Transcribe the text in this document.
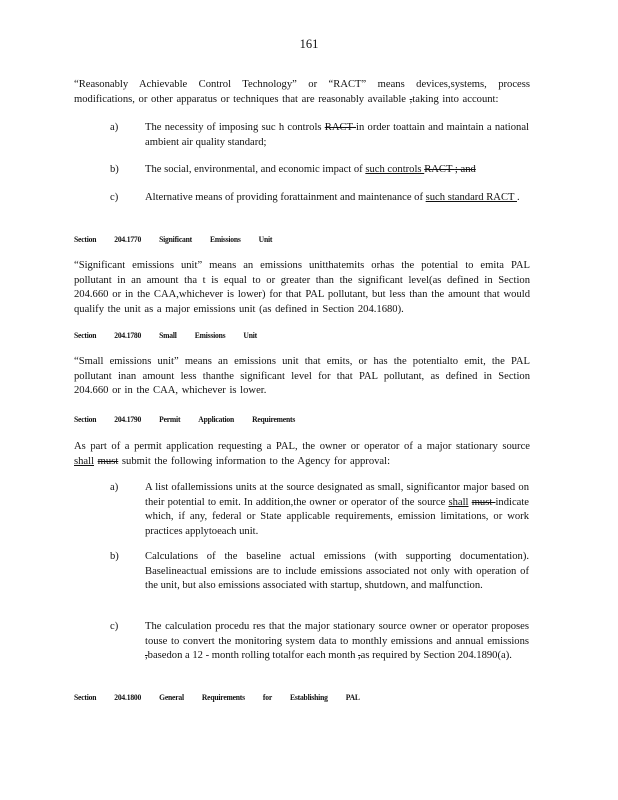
161
“Reasonably Achievable Control Technology” or “RACT” means devices,systems, process modifications, or other apparatus or techniques that are reasonably available ,taking into account:
a)	The necessity of imposing suc h controls RACT in order toattain and maintain a national ambient air quality standard;
b) The social, environmental, and economic impact of such controls RACT ; and
c)	Alternative means of providing forattainment and maintenance of such standard RACT .
Section 204.1770 Significant Emissions Unit
“Significant emissions unit” means an emissions unitthatemits orhas the potential to emita PAL pollutant in an amount tha t is equal to or greater than the significant level(as defined in Section 204.660 or in the CAA,whichever is lower) for that PAL pollutant, but less than the amount that would qualify the unit as a major emissions unit (as defined in Section 204.1680).
Section 204.1780 Small Emissions Unit
“Small emissions unit” means an emissions unit that emits, or has the potentialto emit, the PAL pollutant inan amount less thanthe significant level for that PAL pollutant, as defined in Section 204.660 or in the CAA, whichever is lower.
Section 204.1790 Permit Application Requirements
As part of a permit application requesting a PAL, the owner or operator of a major stationary source shall must submit the following information to the Agency for approval:
a)	A list ofallemissions units at the source designated as small, significantor major based on their potential to emit. In addition,the owner or operator of the source shall must indicate which, if any, federal or State applicable requirements, emission limitations, or work practices applytoeach unit.
b) Calculations of the baseline actual emissions (with supporting documentation). Baselineactual emissions are to include emissions associated not only with operation of the unit, but also emissions associated with startup, shutdown, and malfunction.
c)	The calculation procedu res that the major stationary source owner or operator proposes touse to convert the monitoring system data to monthly emissions and annual emissions ,basedon a 12 - month rolling totalfor each month ,as required by Section 204.1890(a).
Section 204.1800 General Requirements for Establishing PAL
